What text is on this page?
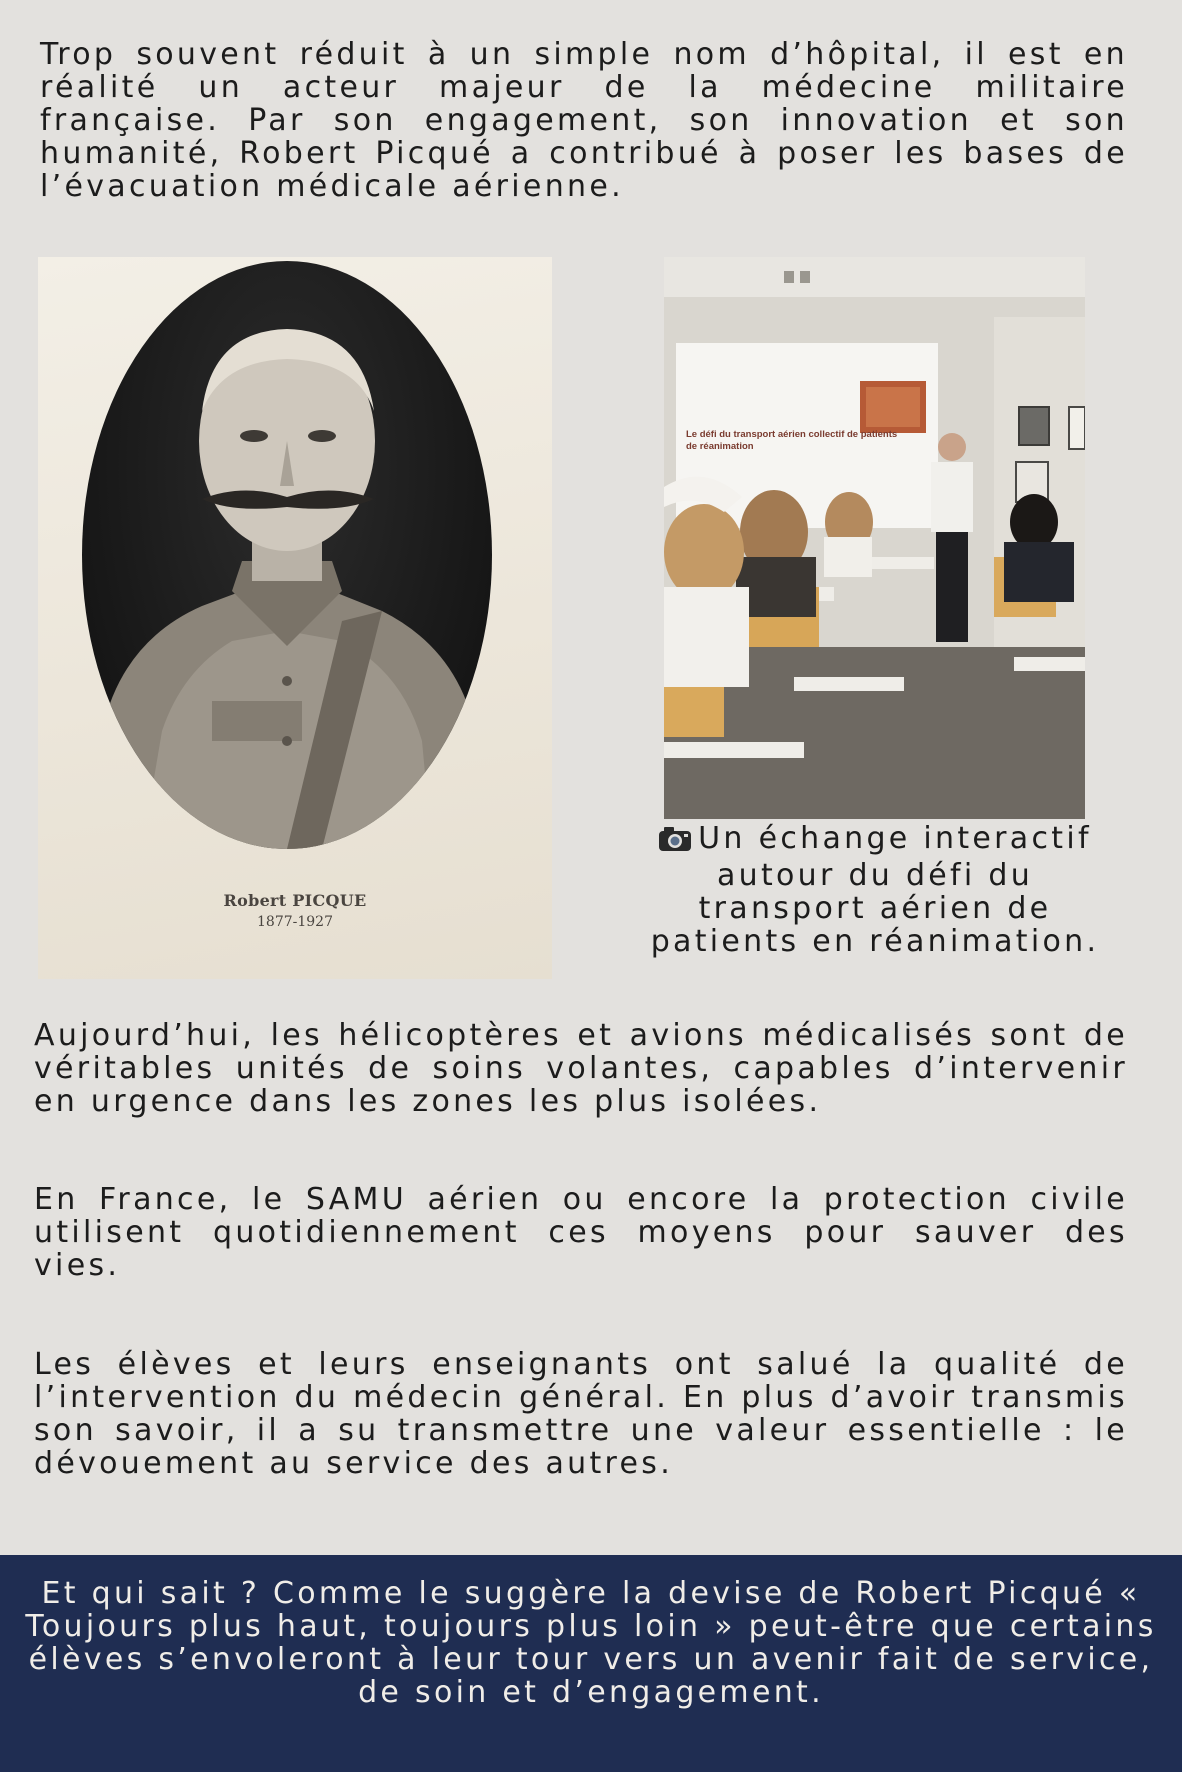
Trop souvent réduit à un simple nom d’hôpital, il est en réalité un acteur majeur de la médecine militaire française. Par son engagement, son innovation et son humanité, Robert Picqué a contribué à poser les bases de l’évacuation médicale aérienne.

Robert PICQUE
1877-1927
Le défi du transport aérien collectif de patients de réanimation

Un échange interactif autour du défi du transport aérien de patients en réanimation.

Aujourd’hui, les hélicoptères et avions médicalisés sont de véritables unités de soins volantes, capables d’intervenir en urgence dans les zones les plus isolées.

En France, le SAMU aérien ou encore la protection civile utilisent quotidiennement ces moyens pour sauver des vies.

Les élèves et leurs enseignants ont salué la qualité de l’intervention du médecin général. En plus d’avoir transmis son savoir, il a su transmettre une valeur essentielle : le dévouement au service des autres.

Et qui sait ? Comme le suggère la devise de Robert Picqué « Toujours plus haut, toujours plus loin » peut-être que certains élèves s’envoleront à leur tour vers un avenir fait de service, de soin et d’engagement.
